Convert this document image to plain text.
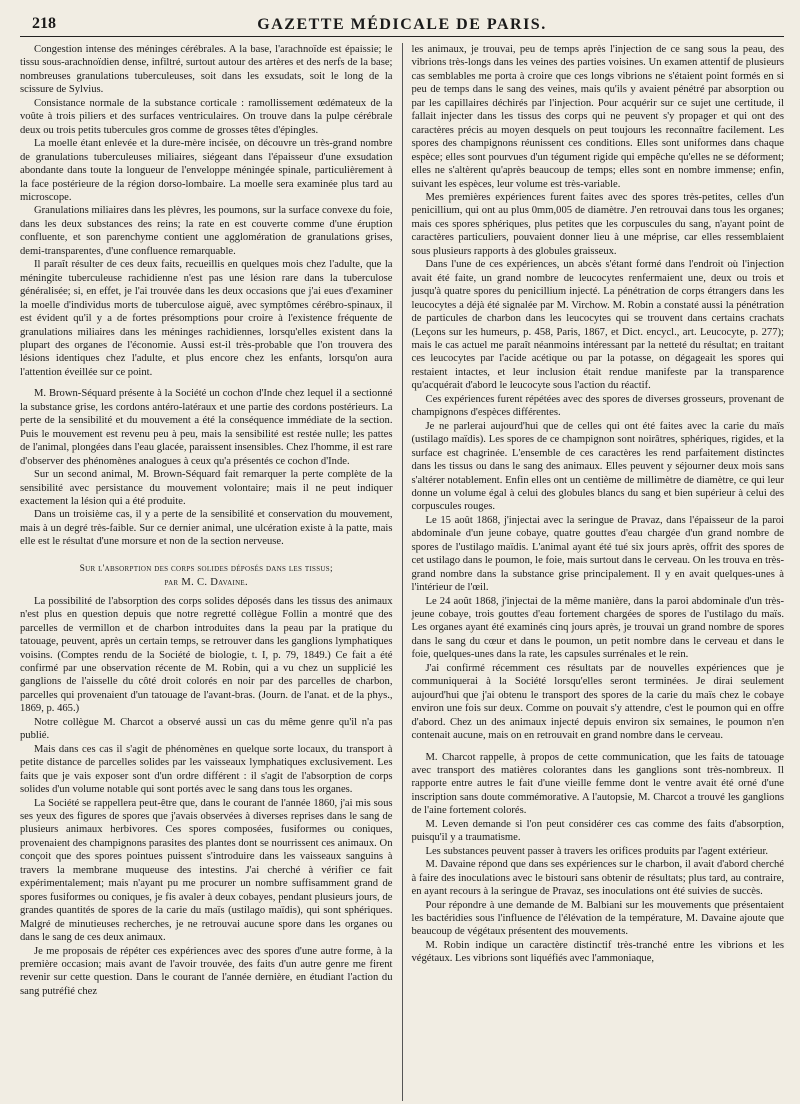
218	GAZETTE MÉDICALE DE PARIS.

Congestion intense des méninges cérébrales. A la base, l'arachnoïde est épaissie; le tissu sous-arachnoïdien dense, infiltré, surtout autour des artères et des nerfs de la base; nombreuses granulations tuberculeuses, soit dans les exsudats, soit le long de la scissure de Sylvius.

Consistance normale de la substance corticale : ramollissement œdémateux de la voûte à trois piliers et des surfaces ventriculaires. On trouve dans la pulpe cérébrale deux ou trois petits tubercules gros comme de grosses têtes d'épingles.

La moelle étant enlevée et la dure-mère incisée, on découvre un très-grand nombre de granulations tuberculeuses miliaires, siégeant dans l'épaisseur d'une exsudation abondante dans toute la longueur de l'enveloppe méningée spinale, particulièrement à la face postérieure de la région dorso-lombaire. La moelle sera examinée plus tard au microscope.

Granulations miliaires dans les plèvres, les poumons, sur la surface convexe du foie, dans les deux substances des reins; la rate en est couverte comme d'une éruption confluente, et son parenchyme contient une agglomération de granulations grises, demi-transparentes, d'une confluence remarquable.

Il paraît résulter de ces deux faits, recueillis en quelques mois chez l'adulte, que la méningite tuberculeuse rachidienne n'est pas une lésion rare dans la tuberculose généralisée; si, en effet, je l'ai trouvée dans les deux occasions que j'ai eues d'examiner la moelle d'individus morts de tuberculose aiguë, avec symptômes cérébro-spinaux, il est évident qu'il y a de fortes présomptions pour croire à l'existence fréquente de granulations miliaires dans les méninges rachidiennes, lorsqu'elles existent dans la plupart des organes de l'économie. Aussi est-il très-probable que l'on trouvera des lésions identiques chez l'adulte, et plus encore chez les enfants, lorsqu'on aura l'attention éveillée sur ce point.

M. Brown-Séquard présente à la Société un cochon d'Inde chez lequel il a sectionné la substance grise, les cordons antéro-latéraux et une partie des cordons postérieurs. La perte de la sensibilité et du mouvement a été la conséquence immédiate de la section. Puis le mouvement est revenu peu à peu, mais la sensibilité est restée nulle; les pattes de l'animal, plongées dans l'eau glacée, paraissent insensibles. Chez l'homme, il est rare d'observer des phénomènes analogues à ceux qu'a présentés ce cochon d'Inde.

Sur un second animal, M. Brown-Séquard fait remarquer la perte complète de la sensibilité avec persistance du mouvement volontaire; mais il ne peut indiquer exactement la lésion qui a été produite.

Dans un troisième cas, il y a perte de la sensibilité et conservation du mouvement, mais à un degré très-faible. Sur ce dernier animal, une ulcération existe à la patte, mais elle est le résultat d'une morsure et non de la section nerveuse.

Sur l'absorption des corps solides déposés dans les tissus;
par M. C. Davaine.

La possibilité de l'absorption des corps solides déposés dans les tissus des animaux n'est plus en question depuis que notre regretté collègue Follin a montré que des parcelles de vermillon et de charbon introduites dans la peau par la pratique du tatouage, peuvent, après un certain temps, se retrouver dans les ganglions lymphatiques voisins. (Comptes rendu de la Société de biologie, t. I, p. 79, 1849.) Ce fait a été confirmé par une observation récente de M. Robin, qui a vu chez un supplicié les ganglions de l'aisselle du côté droit colorés en noir par des parcelles de charbon, parcelles qui provenaient d'un tatouage de l'avant-bras. (Journ. de l'anat. et de la phys., 1869, p. 465.)

Notre collègue M. Charcot a observé aussi un cas du même genre qu'il n'a pas publié.

Mais dans ces cas il s'agit de phénomènes en quelque sorte locaux, du transport à petite distance de parcelles solides par les vaisseaux lymphatiques exclusivement. Les faits que je vais exposer sont d'un ordre différent : il s'agit de l'absorption de corps solides d'un volume notable qui sont portés avec le sang dans tous les organes.

La Société se rappellera peut-être que, dans le courant de l'année 1860, j'ai mis sous ses yeux des figures de spores que j'avais observées à diverses reprises dans le sang de plusieurs animaux herbivores. Ces spores composées, fusiformes ou coniques, provenaient des champignons parasites des plantes dont se nourrissent ces animaux. On conçoit que des spores pointues puissent s'introduire dans les vaisseaux sanguins à travers la membrane muqueuse des intestins. J'ai cherché à vérifier ce fait expérimentalement; mais n'ayant pu me procurer un nombre suffisamment grand de spores fusiformes ou coniques, je fis avaler à deux cobayes, pendant plusieurs jours, de grandes quantités de spores de la carie du maïs (ustilago maïdis), qui sont sphériques. Malgré de minutieuses recherches, je ne retrouvai aucune spore dans les organes ou dans le sang de ces deux animaux.

Je me proposais de répéter ces expériences avec des spores d'une autre forme, à la première occasion; mais avant de l'avoir trouvée, des faits d'un autre genre me firent revenir sur cette question. Dans le courant de l'année dernière, en étudiant l'action du sang putréfié chez

les animaux, je trouvai, peu de temps après l'injection de ce sang sous la peau, des vibrions très-longs dans les veines des parties voisines. Un examen attentif de plusieurs cas semblables me porta à croire que ces longs vibrions ne s'étaient point formés en si peu de temps dans le sang des veines, mais qu'ils y avaient pénétré par absorption ou par les capillaires déchirés par l'injection. Pour acquérir sur ce sujet une certitude, il fallait injecter dans les tissus des corps qui ne peuvent s'y propager et qui ont des caractères précis au moyen desquels on peut toujours les reconnaître facilement. Les spores des champignons réunissent ces conditions. Elles sont uniformes dans chaque espèce; elles sont pourvues d'un tégument rigide qui empêche qu'elles ne se déforment; elles ne s'altèrent qu'après beaucoup de temps; elles sont en nombre immense; enfin, suivant les espèces, leur volume est très-variable.

Mes premières expériences furent faites avec des spores très-petites, celles d'un penicillium, qui ont au plus 0mm,005 de diamètre. J'en retrouvai dans tous les organes; mais ces spores sphériques, plus petites que les corpuscules du sang, n'ayant point de caractères particuliers, pouvaient donner lieu à une méprise, car elles ressemblaient sous plusieurs rapports à des globules graisseux.

Dans l'une de ces expériences, un abcès s'étant formé dans l'endroit où l'injection avait été faite, un grand nombre de leucocytes renfermaient une, deux ou trois et jusqu'à quatre spores du penicillium injecté. La pénétration de corps étrangers dans les leucocytes a déjà été signalée par M. Virchow. M. Robin a constaté aussi la pénétration de particules de charbon dans les leucocytes qui se trouvent dans certains crachats (Leçons sur les humeurs, p. 458, Paris, 1867, et Dict. encycl., art. Leucocyte, p. 277); mais le cas actuel me paraît néanmoins intéressant par la netteté du résultat; en traitant ces leucocytes par l'acide acétique ou par la potasse, on dégageait les spores qui restaient intactes, et leur inclusion était rendue manifeste par la transparence qu'acquérait d'abord le leucocyte sous l'action du réactif.

Ces expériences furent répétées avec des spores de diverses grosseurs, provenant de champignons d'espèces différentes.

Je ne parlerai aujourd'hui que de celles qui ont été faites avec la carie du maïs (ustilago maïdis). Les spores de ce champignon sont noirâtres, sphériques, rigides, et la surface est chagrinée. L'ensemble de ces caractères les rend parfaitement distinctes dans les tissus ou dans le sang des animaux. Elles peuvent y séjourner deux mois sans s'altérer notablement. Enfin elles ont un centième de millimètre de diamètre, ce qui leur donne un volume égal à celui des globules blancs du sang et bien supérieur à celui des corpuscules rouges.

Le 15 août 1868, j'injectai avec la seringue de Pravaz, dans l'épaisseur de la paroi abdominale d'un jeune cobaye, quatre gouttes d'eau chargée d'un grand nombre de spores de l'ustilago maïdis. L'animal ayant été tué six jours après, offrit des spores de cet ustilago dans le poumon, le foie, mais surtout dans le cerveau. On les trouva en très-grand nombre dans la substance grise principalement. Il y en avait quelques-unes à l'intérieur de l'œil.

Le 24 août 1868, j'injectai de la même manière, dans la paroi abdominale d'un très-jeune cobaye, trois gouttes d'eau fortement chargées de spores de l'ustilago du maïs. Les organes ayant été examinés cinq jours après, je trouvai un grand nombre de spores dans le sang du cœur et dans le poumon, un petit nombre dans le cerveau et dans le foie, quelques-unes dans la rate, les capsules surrénales et le rein.

J'ai confirmé récemment ces résultats par de nouvelles expériences que je communiquerai à la Société lorsqu'elles seront terminées. Je dirai seulement aujourd'hui que j'ai obtenu le transport des spores de la carie du maïs chez le cobaye environ une fois sur deux. Comme on pouvait s'y attendre, c'est le poumon qui en offre d'abord. Chez un des animaux injecté depuis environ six semaines, le poumon n'en contenait aucune, mais on en retrouvait en grand nombre dans le cerveau.

M. Charcot rappelle, à propos de cette communication, que les faits de tatouage avec transport des matières colorantes dans les ganglions sont très-nombreux. Il rapporte entre autres le fait d'une vieille femme dont le ventre avait été orné d'une inscription sans doute commémorative. A l'autopsie, M. Charcot a trouvé les ganglions de l'aine fortement colorés.

M. Leven demande si l'on peut considérer ces cas comme des faits d'absorption, puisqu'il y a traumatisme.

Les substances peuvent passer à travers les orifices produits par l'agent extérieur.

M. Davaine répond que dans ses expériences sur le charbon, il avait d'abord cherché à faire des inoculations avec le bistouri sans obtenir de résultats; plus tard, au contraire, en ayant recours à la seringue de Pravaz, ses inoculations ont été suivies de succès.

Pour répondre à une demande de M. Balbiani sur les mouvements que présentaient les bactéridies sous l'influence de l'élévation de la température, M. Davaine ajoute que beaucoup de végétaux présentent des mouvements.

M. Robin indique un caractère distinctif très-tranché entre les vibrions et les végétaux. Les vibrions sont liquéfiés avec l'ammoniaque,
